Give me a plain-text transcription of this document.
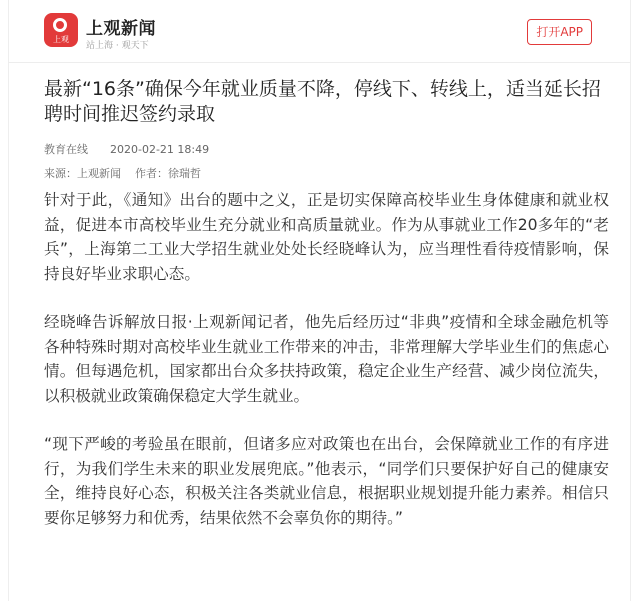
上观
上观新闻
站上海 · 观天下
打开APP
最新“16条”确保今年就业质量不降，停线下、转线上，适当延长招聘时间推迟签约录取
教育在线 2020-02-21 18:49
来源：上观新闻 作者：徐瑞哲

针对于此，《通知》出台的题中之义，正是切实保障高校毕业生身体健康和就业权益，促进本市高校毕业生充分就业和高质量就业。作为从事就业工作20多年的“老兵”，上海第二工业大学招生就业处处长经晓峰认为，应当理性看待疫情影响，保持良好毕业求职心态。

经晓峰告诉解放日报·上观新闻记者，他先后经历过“非典”疫情和全球金融危机等各种特殊时期对高校毕业生就业工作带来的冲击，非常理解大学毕业生们的焦虑心情。但每遇危机，国家都出台众多扶持政策，稳定企业生产经营、减少岗位流失，以积极就业政策确保稳定大学生就业。

“现下严峻的考验虽在眼前，但诸多应对政策也在出台，会保障就业工作的有序进行，为我们学生未来的职业发展兜底。”他表示，“同学们只要保护好自己的健康安全，维持良好心态，积极关注各类就业信息，根据职业规划提升能力素养。相信只要你足够努力和优秀，结果依然不会辜负你的期待。”
